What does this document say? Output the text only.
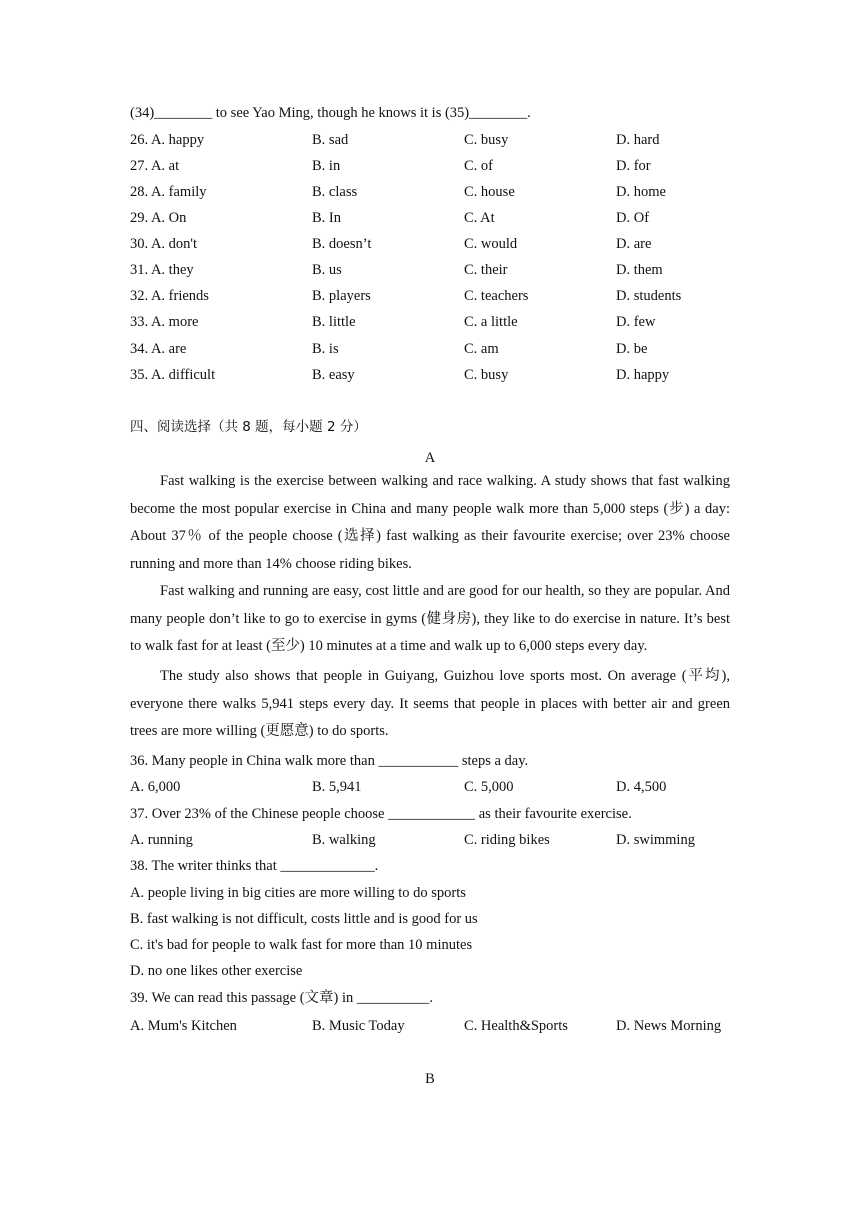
(34)________ to see Yao Ming, though he knows it is (35)________.
26. A. happy	B. sad	C. busy	D. hard
27. A. at	B. in	C. of	D. for
28. A. family	B. class	C. house	D. home
29. A. On	B. In	C. At	D. Of
30. A. don't	B. doesn’t	C. would	D. are
31. A. they	B. us	C. their	D. them
32. A. friends	B. players	C. teachers	D. students
33. A. more	B. little	C. a little	D. few
34. A. are	B. is	C. am	D. be
35. A. difficult	B. easy	C. busy	D. happy
四、阅读选择（共 8 题，每小题 2 分）
A
Fast walking is the exercise between walking and race walking. A study shows that fast walking become the most popular exercise in China and many people walk more than 5,000 steps (步) a day: About 37％ of the people choose (选择) fast walking as their favourite exercise; over 23% choose running and more than 14% choose riding bikes.
Fast walking and running are easy, cost little and are good for our health, so they are popular. And many people don’t like to go to exercise in gyms (健身房), they like to do exercise in nature. It’s best to walk fast for at least (至少) 10 minutes at a time and walk up to 6,000 steps every day.
The study also shows that people in Guiyang, Guizhou love sports most. On average (平均), everyone there walks 5,941 steps every day. It seems that people in places with better air and green trees are more willing (更愿意) to do sports.
36. Many people in China walk more than ___________ steps a day.
A. 6,000	B. 5,941	C. 5,000	D. 4,500
37. Over 23% of the Chinese people choose ____________ as their favourite exercise.
A. running	B. walking	C. riding bikes	D. swimming
38. The writer thinks that _____________.
A. people living in big cities are more willing to do sports
B. fast walking is not difficult, costs little and is good for us
C. it's bad for people to walk fast for more than 10 minutes
D. no one likes other exercise
39. We can read this passage (文章) in __________.
A. Mum's Kitchen	B. Music Today	C. Health&Sports	D. News Morning
B
